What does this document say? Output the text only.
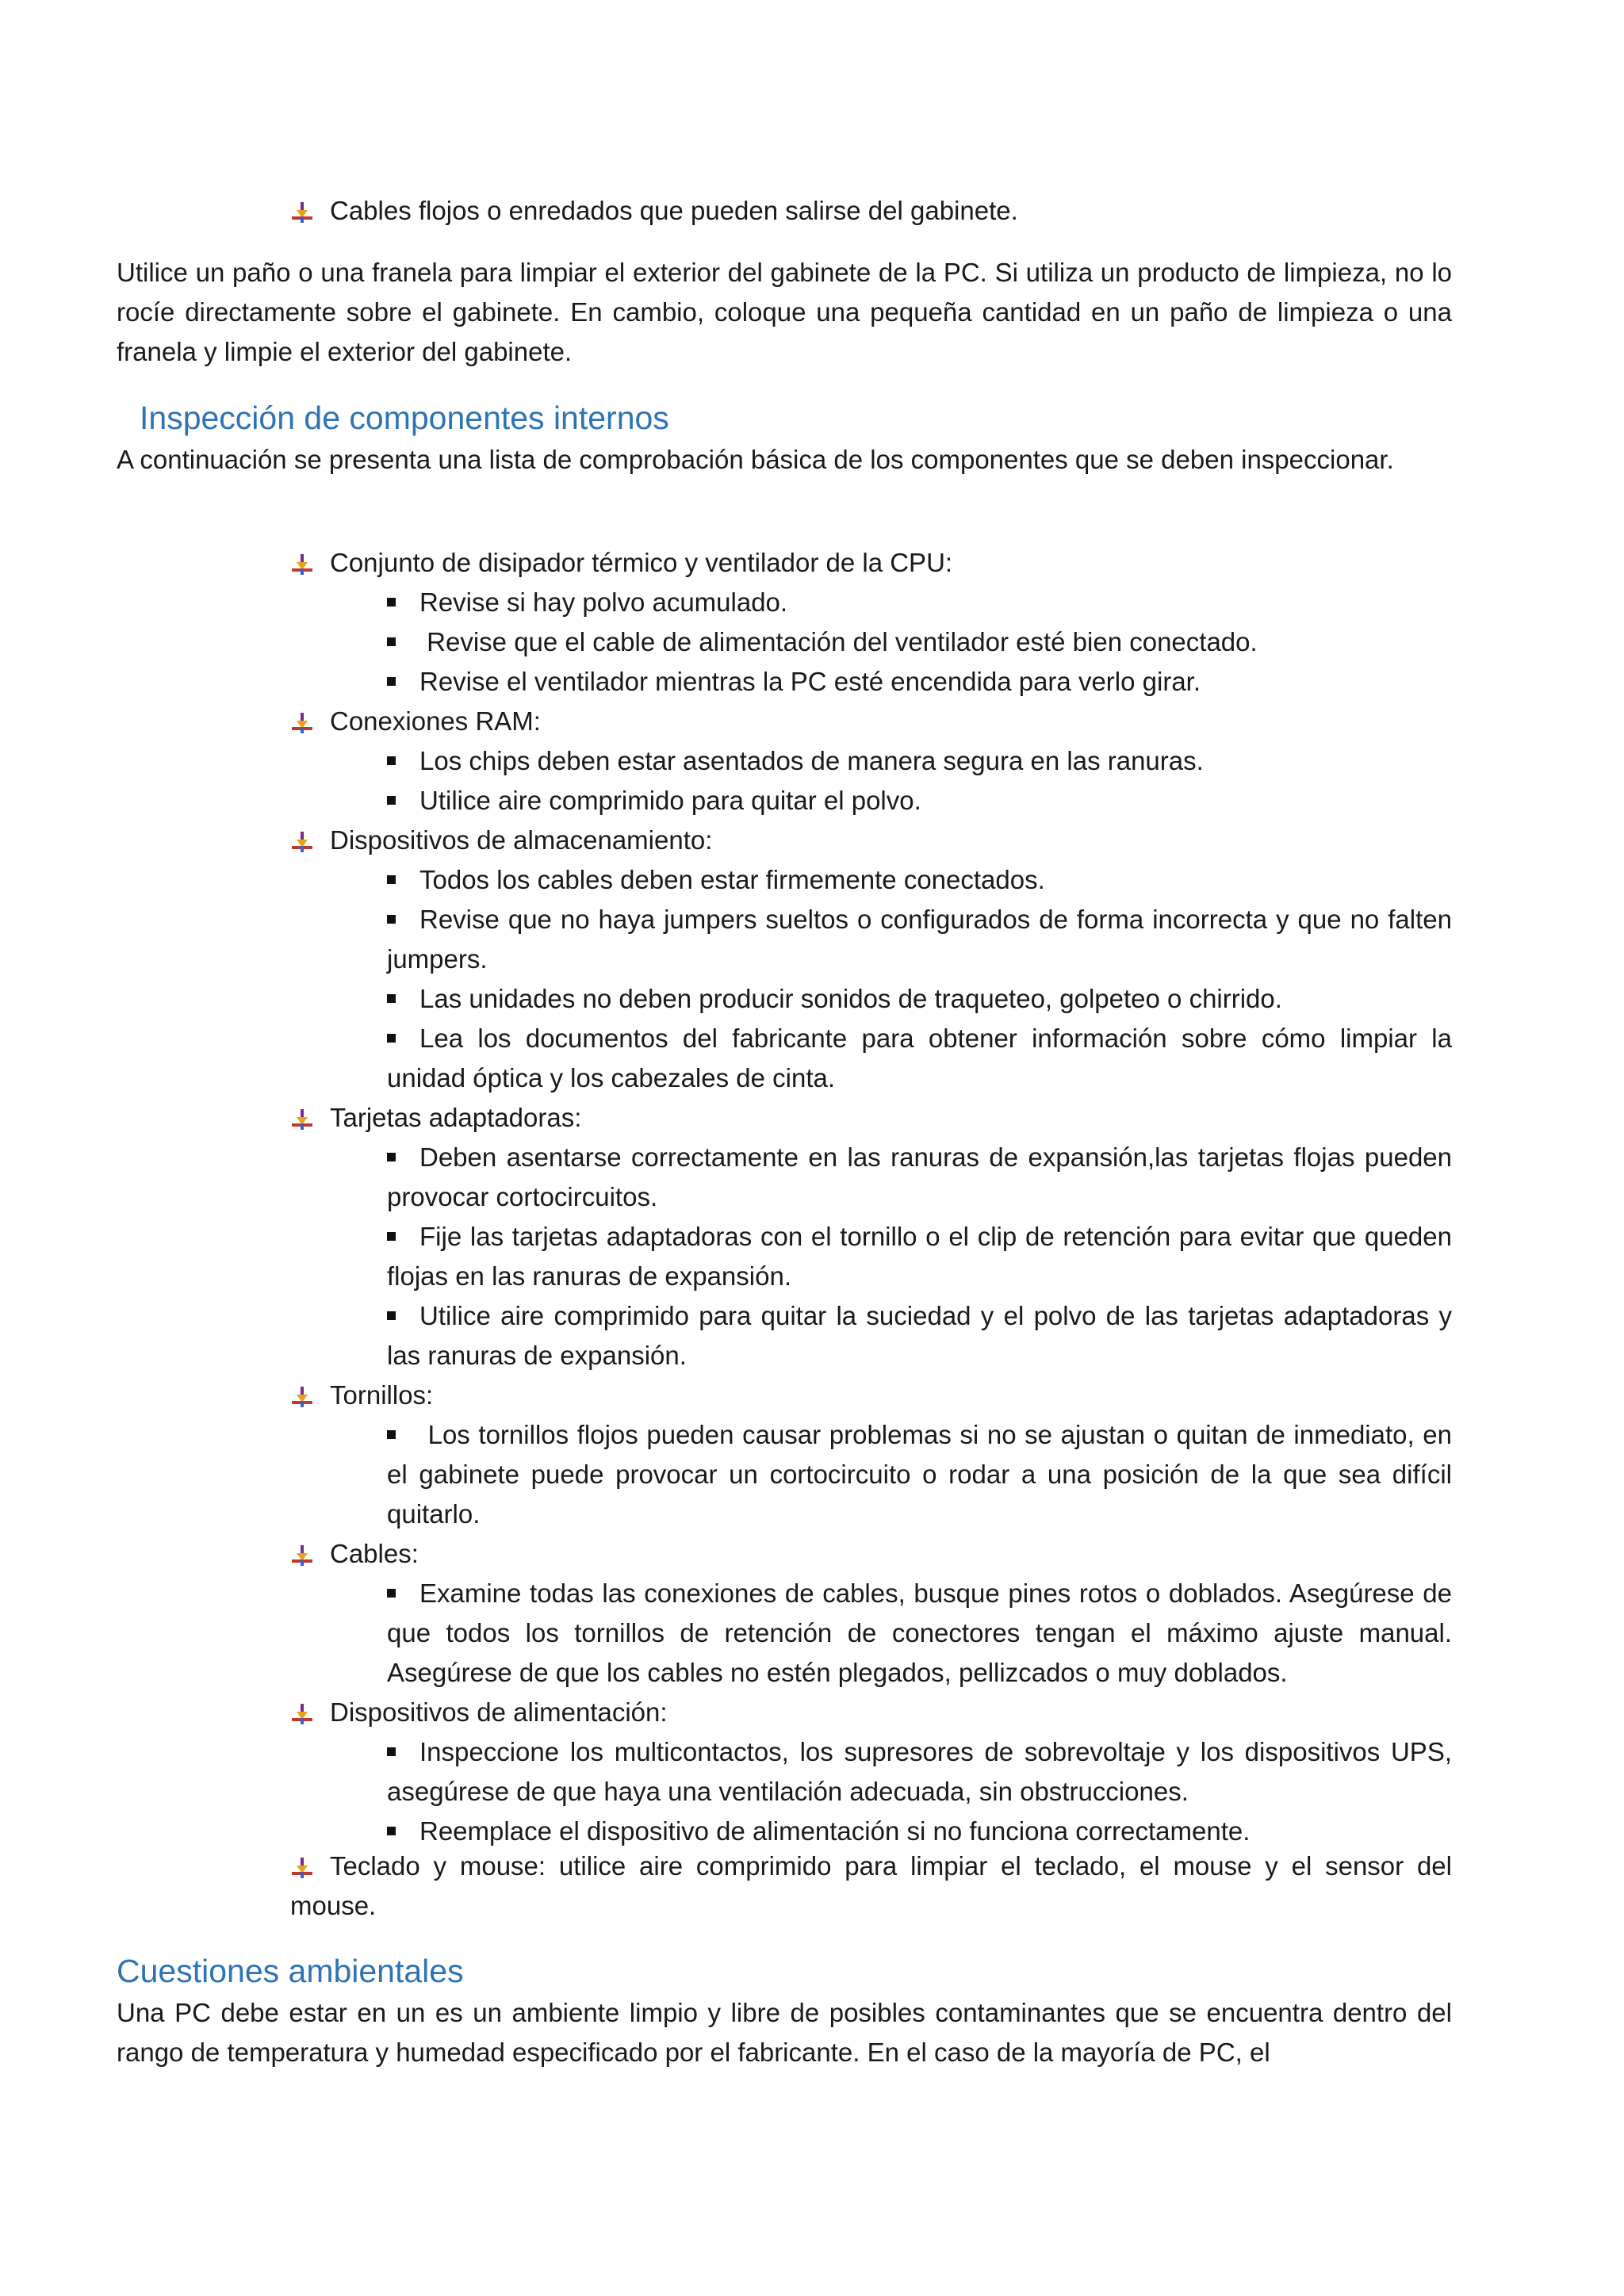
Cables flojos o enredados que pueden salirse del gabinete.
Utilice un paño o una franela para limpiar el exterior del gabinete de la PC. Si utiliza un producto de limpieza, no lo rocíe directamente sobre el gabinete. En cambio, coloque una pequeña cantidad en un paño de limpieza o una franela y limpie el exterior del gabinete.
Inspección de componentes internos
A continuación se presenta una lista de comprobación básica de los componentes que se deben inspeccionar.
Conjunto de disipador térmico y ventilador de la CPU:
Revise si hay polvo acumulado.
Revise que el cable de alimentación del ventilador esté bien conectado.
Revise el ventilador mientras la PC esté encendida para verlo girar.
Conexiones RAM:
Los chips deben estar asentados de manera segura en las ranuras.
Utilice aire comprimido para quitar el polvo.
Dispositivos de almacenamiento:
Todos los cables deben estar firmemente conectados.
Revise que no haya jumpers sueltos o configurados de forma incorrecta y que no falten jumpers.
Las unidades no deben producir sonidos de traqueteo, golpeteo o chirrido.
Lea los documentos del fabricante para obtener información sobre cómo limpiar la unidad óptica y los cabezales de cinta.
Tarjetas adaptadoras:
Deben asentarse correctamente en las ranuras de expansión,las tarjetas flojas pueden provocar cortocircuitos.
Fije las tarjetas adaptadoras con el tornillo o el clip de retención para evitar que queden flojas en las ranuras de expansión.
Utilice aire comprimido para quitar la suciedad y el polvo de las tarjetas adaptadoras y las ranuras de expansión.
Tornillos:
Los tornillos flojos pueden causar problemas si no se ajustan o quitan de inmediato, en el gabinete puede provocar un cortocircuito o rodar a una posición de la que sea difícil quitarlo.
Cables:
Examine todas las conexiones de cables, busque pines rotos o doblados. Asegúrese de que todos los tornillos de retención de conectores tengan el máximo ajuste manual. Asegúrese de que los cables no estén plegados, pellizcados o muy doblados.
Dispositivos de alimentación:
Inspeccione los multicontactos, los supresores de sobrevoltaje y los dispositivos UPS, asegúrese de que haya una ventilación adecuada, sin obstrucciones.
Reemplace el dispositivo de alimentación si no funciona correctamente.
Teclado y mouse: utilice aire comprimido para limpiar el teclado, el mouse y el sensor del mouse.
Cuestiones ambientales
Una PC debe estar en un es un ambiente limpio y libre de posibles contaminantes que se encuentra dentro del rango de temperatura y humedad especificado por el fabricante. En el caso de la mayoría de PC, el
